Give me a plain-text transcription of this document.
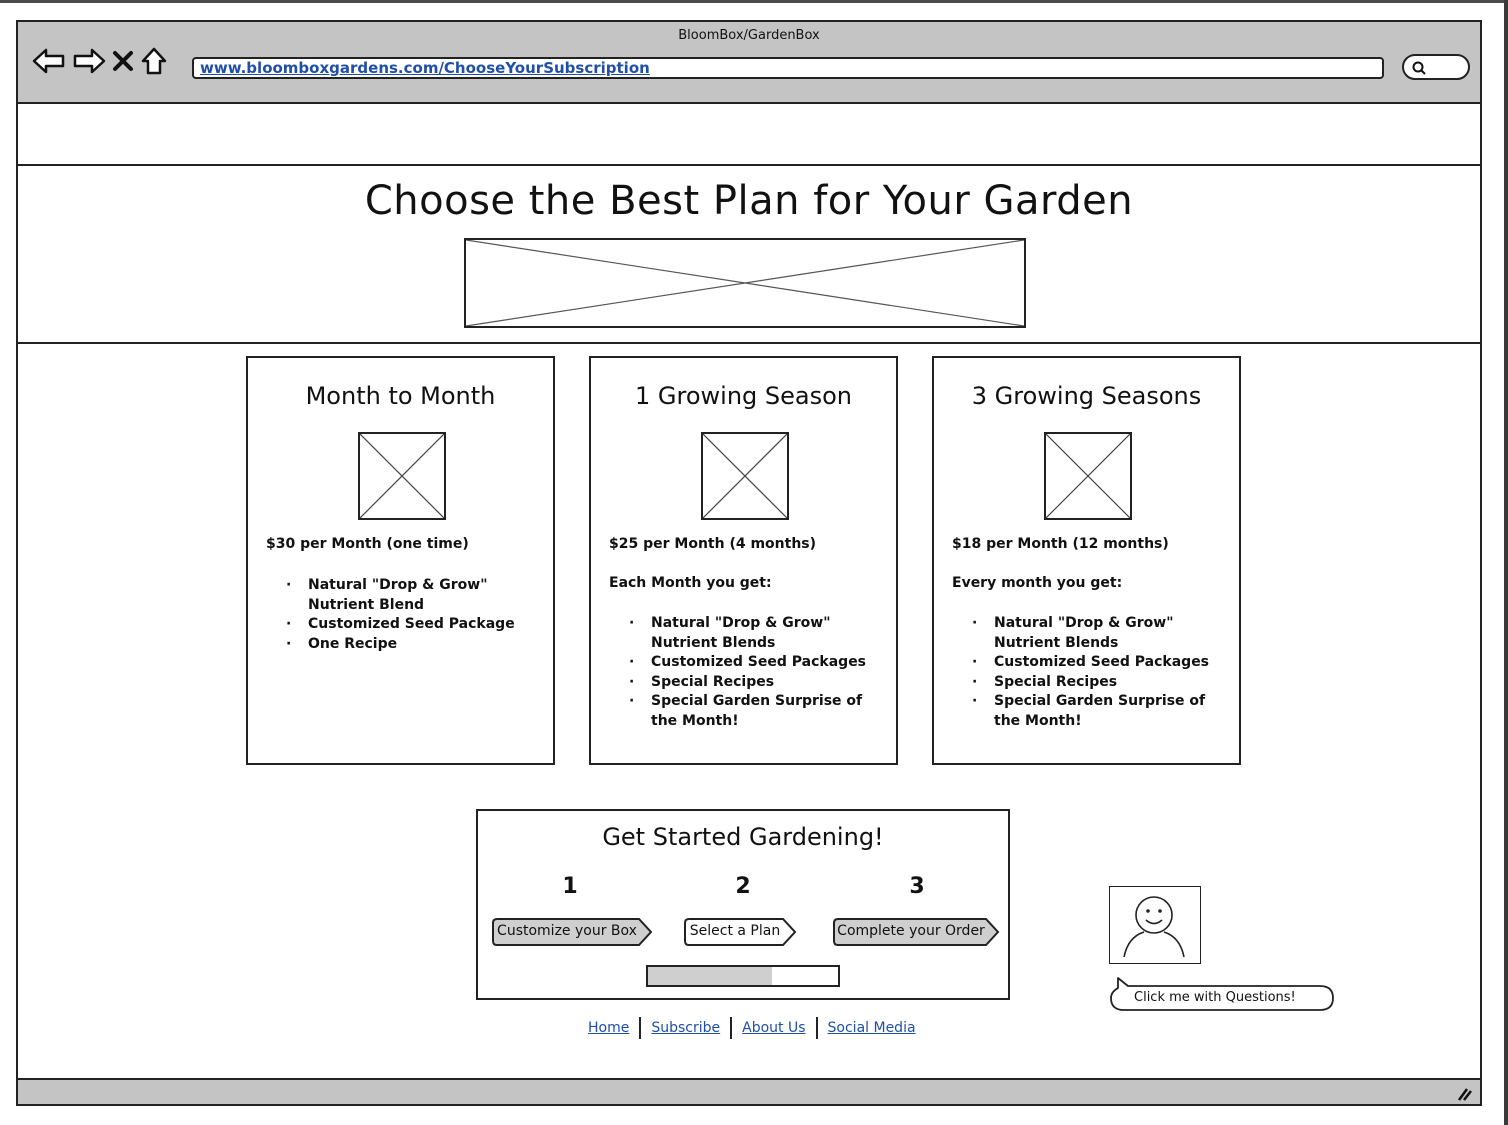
BloomBox/GardenBox
www.bloomboxgardens.com/ChooseYourSubscription
Choose the Best Plan for Your Garden
Month to Month
$30 per Month (one time)
· Natural "Drop & Grow" Nutrient Blend
· Customized Seed Package
· One Recipe
1 Growing Season
$25 per Month (4 months)
Each Month you get:
· Natural "Drop & Grow" Nutrient Blends
· Customized Seed Packages
· Special Recipes
· Special Garden Surprise of the Month!
3 Growing Seasons
$18 per Month (12 months)
Every month you get:
· Natural "Drop & Grow" Nutrient Blends
· Customized Seed Packages
· Special Recipes
· Special Garden Surprise of the Month!
Get Started Gardening!
1	2	3
Customize your Box	Select a Plan	Complete your Order
Home Subscribe About Us Social Media
Click me with Questions!
